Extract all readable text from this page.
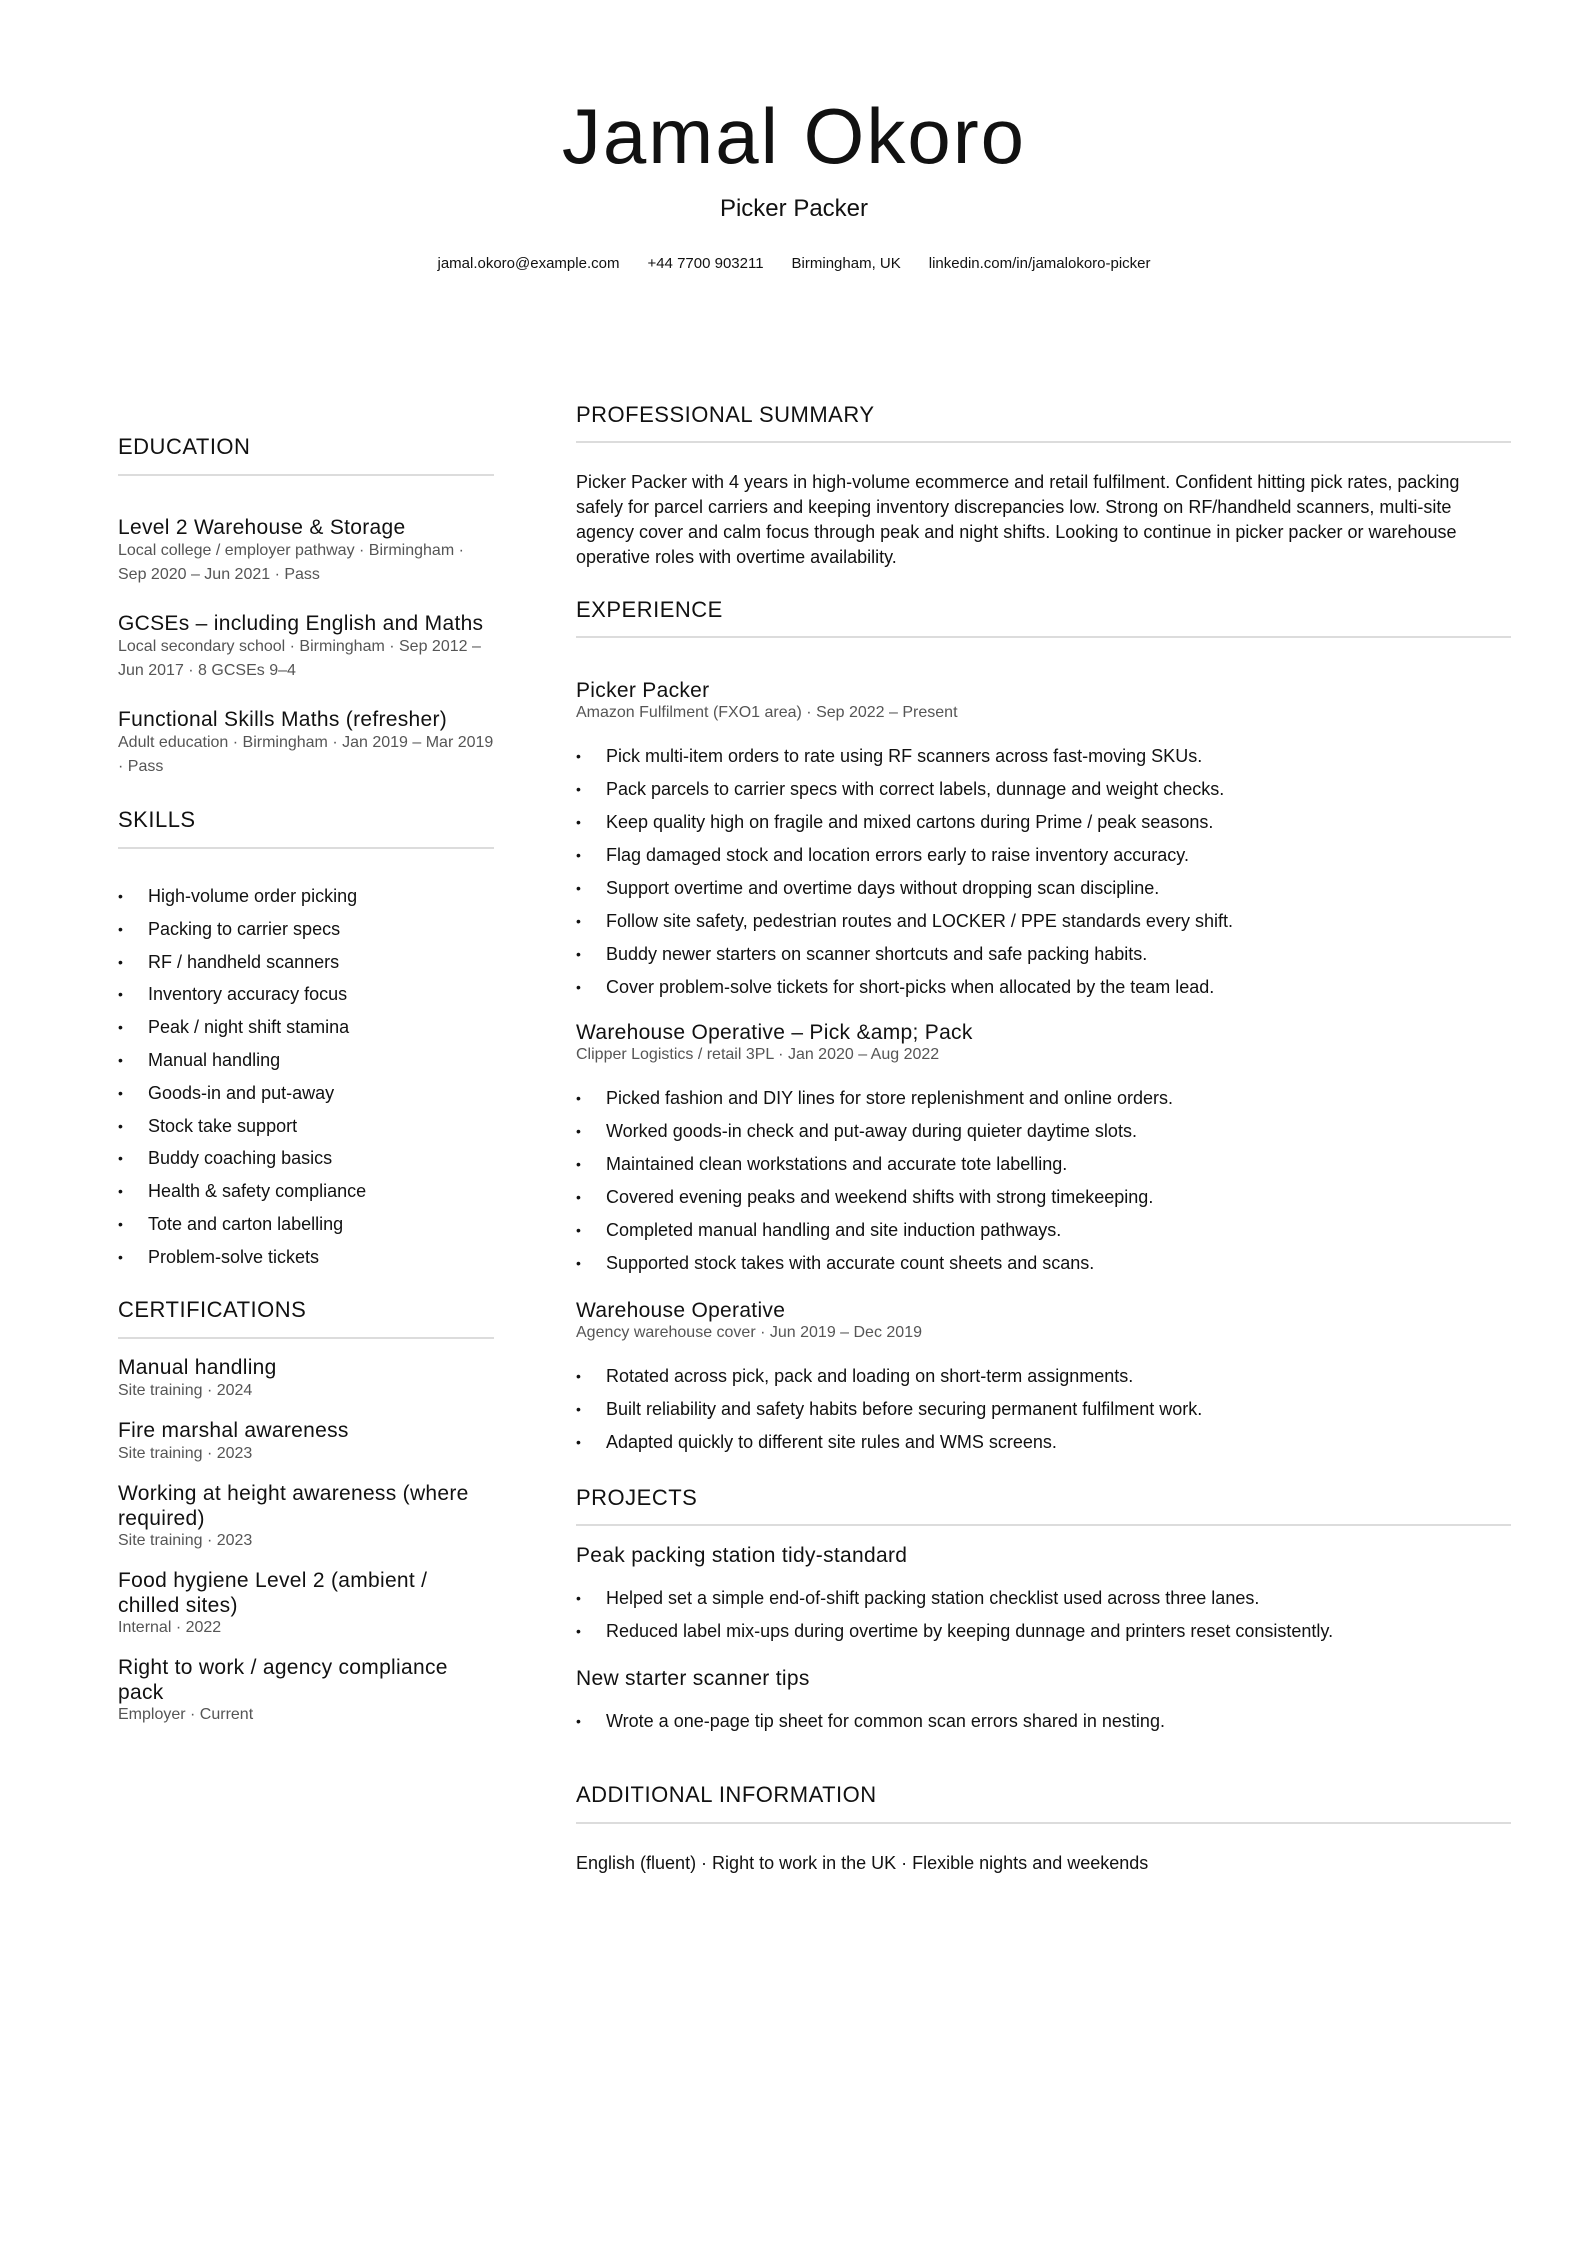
Jamal Okoro
Picker Packer
jamal.okoro@example.com +44 7700 903211 Birmingham, UK linkedin.com/in/jamalokoro-picker
EDUCATION
Level 2 Warehouse & Storage
Local college / employer pathway · Birmingham · Sep 2020 – Jun 2021 · Pass
GCSEs – including English and Maths
Local secondary school · Birmingham · Sep 2012 – Jun 2017 · 8 GCSEs 9–4
Functional Skills Maths (refresher)
Adult education · Birmingham · Jan 2019 – Mar 2019 · Pass
SKILLS
• High-volume order picking
• Packing to carrier specs
• RF / handheld scanners
• Inventory accuracy focus
• Peak / night shift stamina
• Manual handling
• Goods-in and put-away
• Stock take support
• Buddy coaching basics
• Health & safety compliance
• Tote and carton labelling
• Problem-solve tickets
CERTIFICATIONS
Manual handling
Site training · 2024
Fire marshal awareness
Site training · 2023
Working at height awareness (where required)
Site training · 2023
Food hygiene Level 2 (ambient / chilled sites)
Internal · 2022
Right to work / agency compliance pack
Employer · Current
PROFESSIONAL SUMMARY
Picker Packer with 4 years in high-volume ecommerce and retail fulfilment. Confident hitting pick rates, packing safely for parcel carriers and keeping inventory discrepancies low. Strong on RF/handheld scanners, multi-site agency cover and calm focus through peak and night shifts. Looking to continue in picker packer or warehouse operative roles with overtime availability.
EXPERIENCE
Picker Packer
Amazon Fulfilment (FXO1 area) · Sep 2022 – Present
• Pick multi-item orders to rate using RF scanners across fast-moving SKUs.
• Pack parcels to carrier specs with correct labels, dunnage and weight checks.
• Keep quality high on fragile and mixed cartons during Prime / peak seasons.
• Flag damaged stock and location errors early to raise inventory accuracy.
• Support overtime and overtime days without dropping scan discipline.
• Follow site safety, pedestrian routes and LOCKER / PPE standards every shift.
• Buddy newer starters on scanner shortcuts and safe packing habits.
• Cover problem-solve tickets for short-picks when allocated by the team lead.
Warehouse Operative – Pick &amp; Pack
Clipper Logistics / retail 3PL · Jan 2020 – Aug 2022
• Picked fashion and DIY lines for store replenishment and online orders.
• Worked goods-in check and put-away during quieter daytime slots.
• Maintained clean workstations and accurate tote labelling.
• Covered evening peaks and weekend shifts with strong timekeeping.
• Completed manual handling and site induction pathways.
• Supported stock takes with accurate count sheets and scans.
Warehouse Operative
Agency warehouse cover · Jun 2019 – Dec 2019
• Rotated across pick, pack and loading on short-term assignments.
• Built reliability and safety habits before securing permanent fulfilment work.
• Adapted quickly to different site rules and WMS screens.
PROJECTS
Peak packing station tidy-standard
• Helped set a simple end-of-shift packing station checklist used across three lanes.
• Reduced label mix-ups during overtime by keeping dunnage and printers reset consistently.
New starter scanner tips
• Wrote a one-page tip sheet for common scan errors shared in nesting.
ADDITIONAL INFORMATION
English (fluent) · Right to work in the UK · Flexible nights and weekends
